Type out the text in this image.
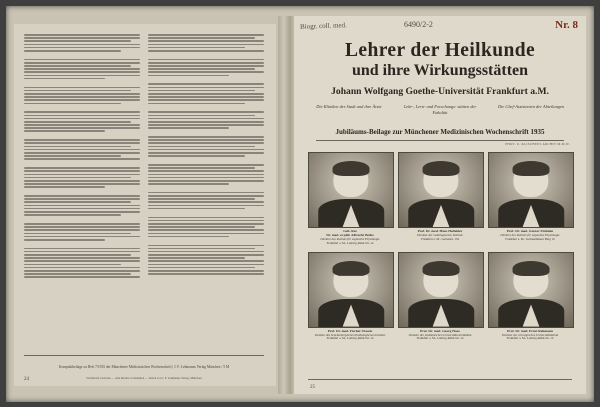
Kompaktbeilage zu Heft 7/1935 der Münchener Medizinischen Wochenschrift | J. F. Lehmanns Verlag München / 5 M
Nachdruck verboten — Alle Rechte vorbehalten — Druck von J. F. Lehmanns Verlag, München
24
Biogr. coll. med.	6490/2-2	Nr. 8
Lehrer der Heilkunde
und ihre Wirkungsstätten
Johann Wolfgang Goethe-Universität Frankfurt a.M.
Die Kliniken der Stadt und ihre Ärzte	Lehr-, Lern- und Forschungs- stätten der Fakultät
Die Chef-Assistenten der Abteilungen
Jubiläums-Beilage zur Münchener Medizinischen Wochenschrift 1935
PHOT. U. KLISCHEES ARCHIV M.M.W.
Geh. Rat
Dr. med. et phil. Albrecht Bethe
Direktor des Instituts für vegetative Physiologie
Frankfurt a. M., Ludwig-Rehn-Str. 14
Prof. Dr. med. Hans Holfelder
Direktor der radiologischen Institute
Frankfurt a. M., Gartenstr. 134
Prof. Dr. med. Gustav Embden
Direktor des Instituts für vegetative Physiologie
Frankfurt a. M., Sachsenhäuser Berg 10
Prof. Dr. med. Fischer-Wasels
Direktor des Senckenbergischen Pathologischen Instituts
Frankfurt a. M., Ludwig-Rehn-Str. 14
Prof. Dr. med. Georg Haas
Direktor der medizinischen Universitäts-Poliklinik
Frankfurt a. M., Ludwig-Rehn-Str. 14
Prof. Dr. med. Ernst Rehmann
Direktor der chirurgischen Universitätsklinik
Frankfurt a. M., Ludwig-Rehn-Str. 14
25
